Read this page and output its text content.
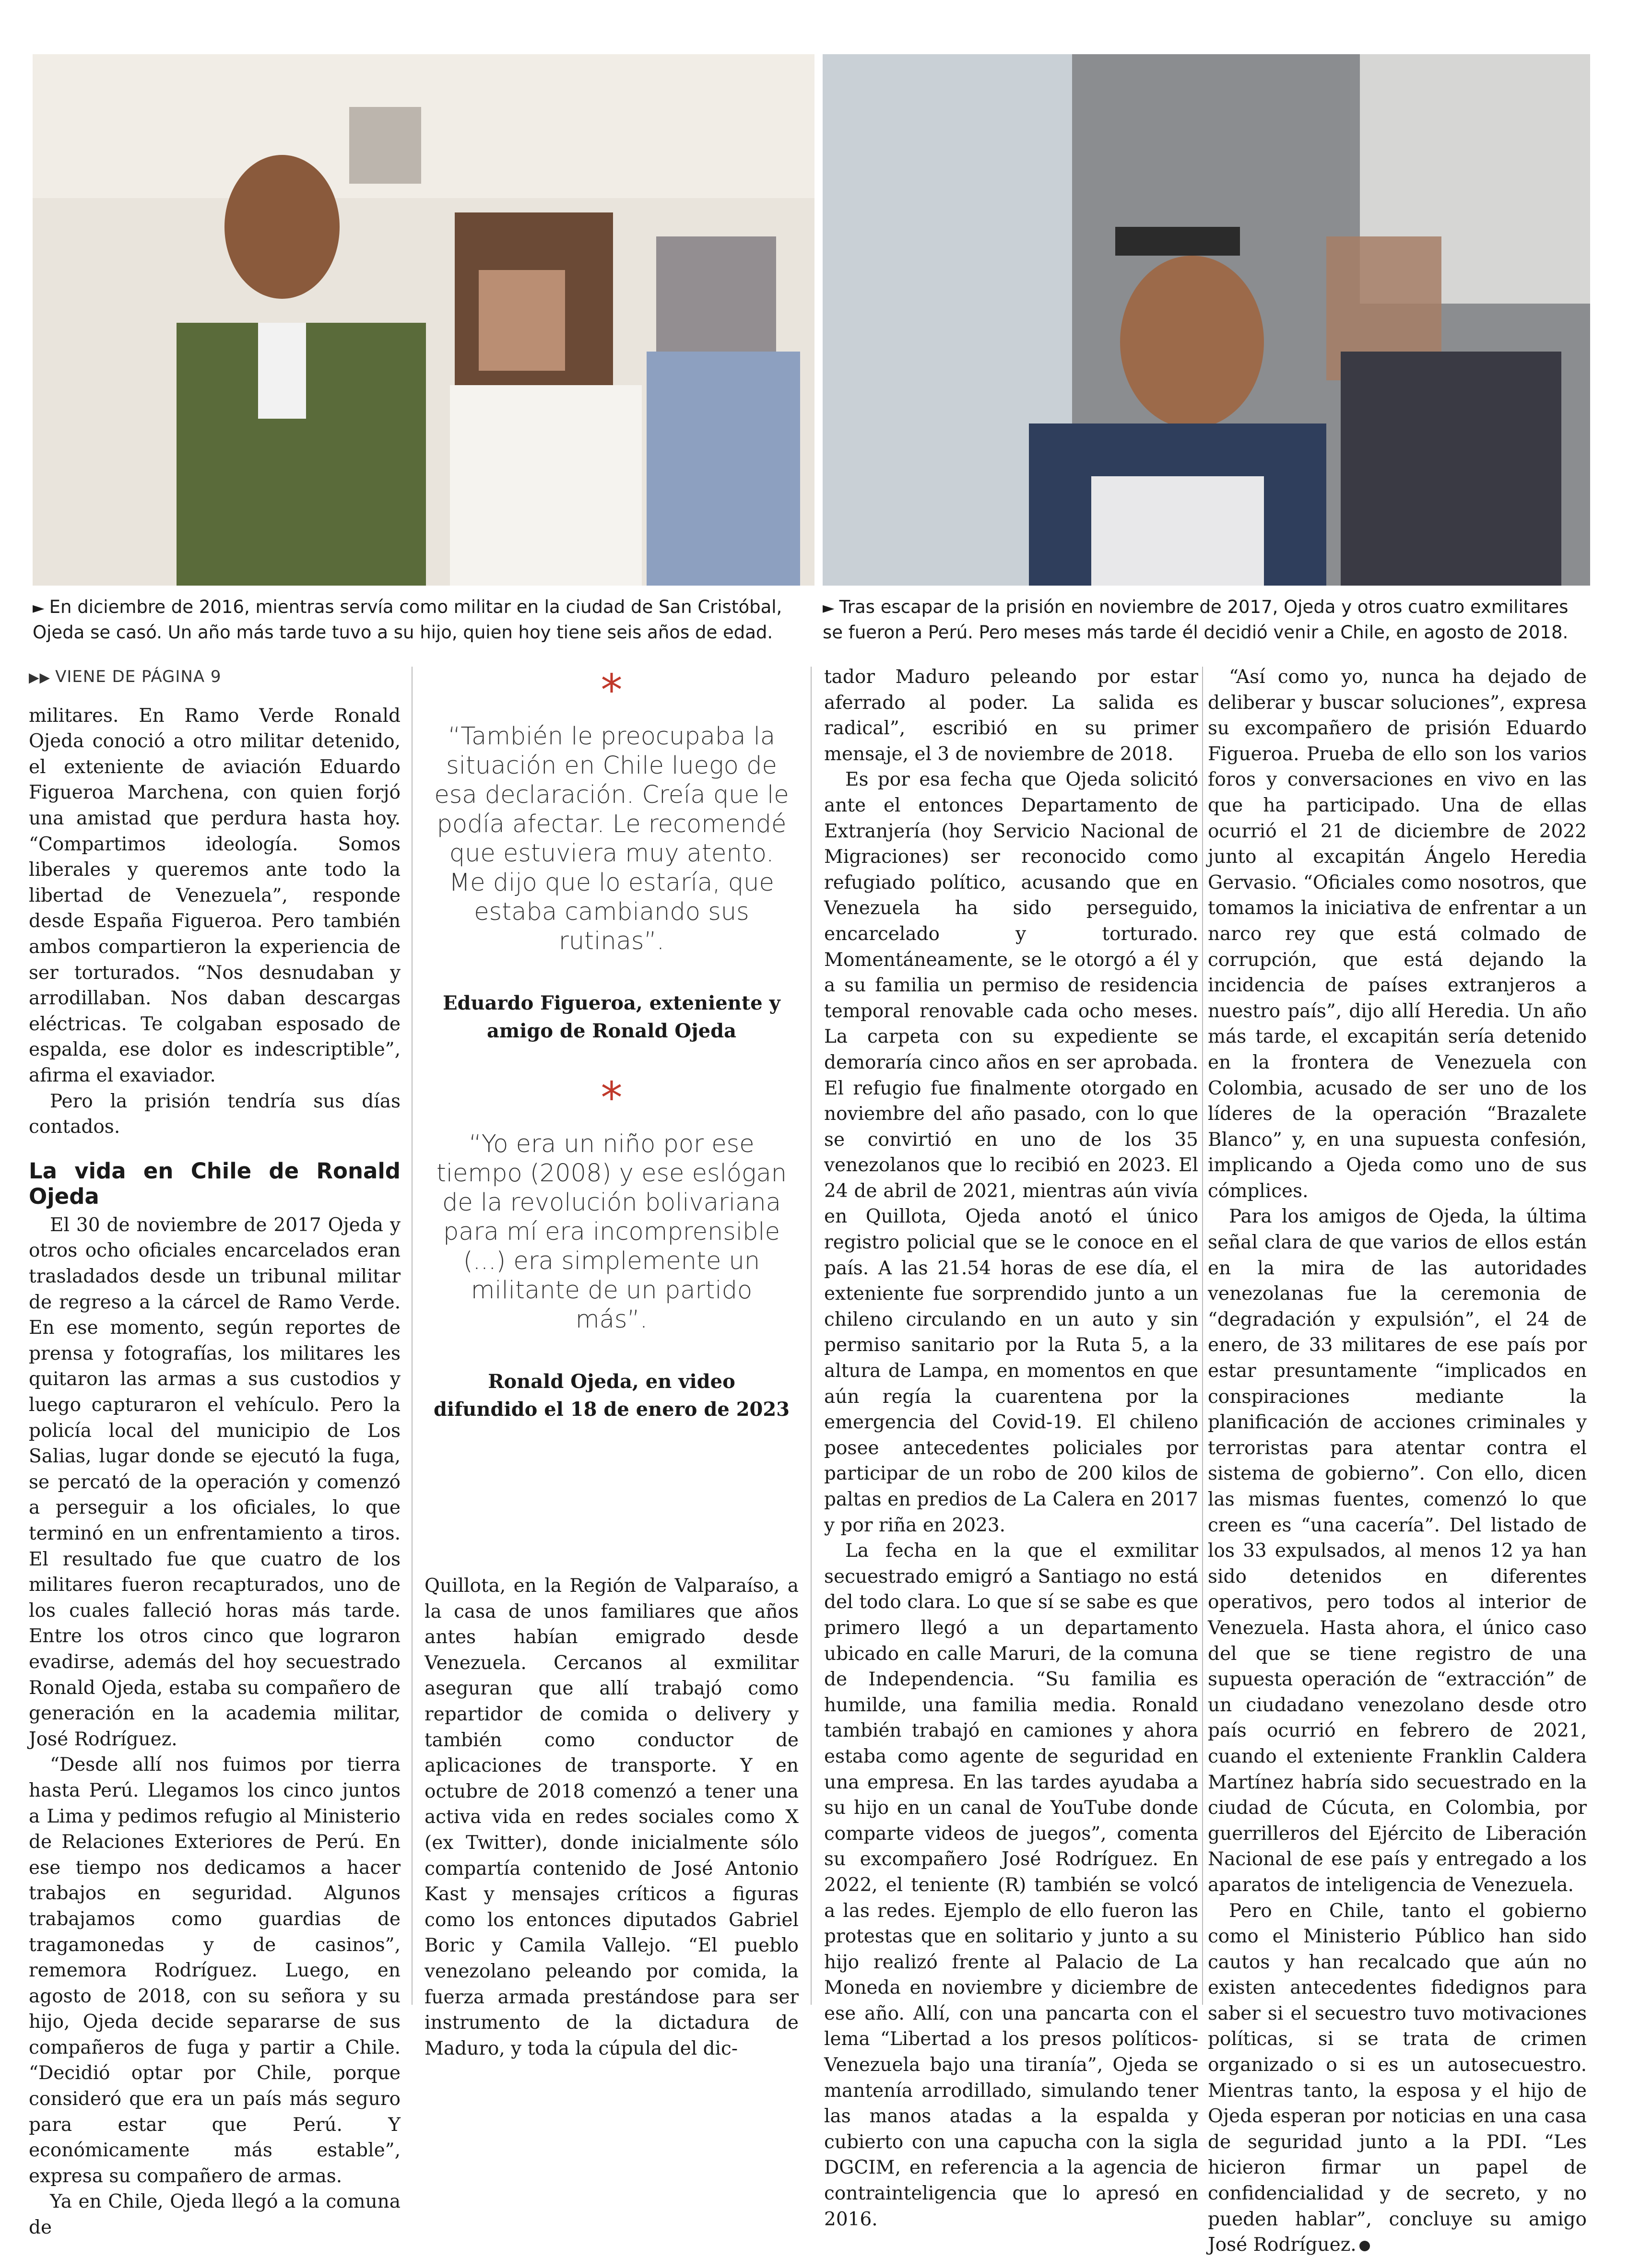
► En diciembre de 2016, mientras servía como militar en la ciudad de San Cristóbal, Ojeda se casó. Un año más tarde tuvo a su hijo, quien hoy tiene seis años de edad.

► Tras escapar de la prisión en noviembre de 2017, Ojeda y otros cuatro exmilitares se fueron a Perú. Pero meses más tarde él decidió venir a Chile, en agosto de 2018.

▶▶ VIENE DE PÁGINA 9

militares. En Ramo Verde Ronald Ojeda conoció a otro militar detenido, el exteniente de aviación Eduardo Figueroa Marchena, con quien forjó una amistad que perdura hasta hoy. “Compartimos ideología. Somos liberales y queremos ante todo la libertad de Venezuela”, responde desde España Figueroa. Pero también ambos compartieron la experiencia de ser torturados. “Nos desnudaban y arrodillaban. Nos daban descargas eléctricas. Te colgaban esposado de espalda, ese dolor es indescriptible”, afirma el exaviador.

Pero la prisión tendría sus días contados.

La vida en Chile de Ronald Ojeda

El 30 de noviembre de 2017 Ojeda y otros ocho oficiales encarcelados eran trasladados desde un tribunal militar de regreso a la cárcel de Ramo Verde. En ese momento, según reportes de prensa y fotografías, los militares les quitaron las armas a sus custodios y luego capturaron el vehículo. Pero la policía local del municipio de Los Salias, lugar donde se ejecutó la fuga, se percató de la operación y comenzó a perseguir a los oficiales, lo que terminó en un enfrentamiento a tiros. El resultado fue que cuatro de los militares fueron recapturados, uno de los cuales falleció horas más tarde. Entre los otros cinco que lograron evadirse, además del hoy secuestrado Ronald Ojeda, estaba su compañero de generación en la academia militar, José Rodríguez.

“Desde allí nos fuimos por tierra hasta Perú. Llegamos los cinco juntos a Lima y pedimos refugio al Ministerio de Relaciones Exteriores de Perú. En ese tiempo nos dedicamos a hacer trabajos en seguridad. Algunos trabajamos como guardias de tragamonedas y de casinos”, rememora Rodríguez. Luego, en agosto de 2018, con su señora y su hijo, Ojeda decide separarse de sus compañeros de fuga y partir a Chile. “Decidió optar por Chile, porque consideró que era un país más seguro para estar que Perú. Y económicamente más estable”, expresa su compañero de armas.

Ya en Chile, Ojeda llegó a la comuna de

*
“También le preocupaba la situación en Chile luego de esa declaración. Creía que le podía afectar. Le recomendé que estuviera muy atento. Me dijo que lo estaría, que estaba cambiando sus rutinas”.
Eduardo Figueroa, exteniente y
amigo de Ronald Ojeda
*
“Yo era un niño por ese tiempo (2008) y ese eslógan de la revolución bolivariana para mí era incomprensible (...) era simplemente un militante de un partido más”.
Ronald Ojeda, en video
difundido el 18 de enero de 2023

Quillota, en la Región de Valparaíso, a la casa de unos familiares que años antes habían emigrado desde Venezuela. Cercanos al exmilitar aseguran que allí trabajó como repartidor de comida o delivery y también como conductor de aplicaciones de transporte. Y en octubre de 2018 comenzó a tener una activa vida en redes sociales como X (ex Twitter), donde inicialmente sólo compartía contenido de José Antonio Kast y mensajes críticos a figuras como los entonces diputados Gabriel Boric y Camila Vallejo. “El pueblo venezolano peleando por comida, la fuerza armada prestándose para ser instrumento de la dictadura de Maduro, y toda la cúpula del dic-

tador Maduro peleando por estar aferrado al poder. La salida es radical”, escribió en su primer mensaje, el 3 de noviembre de 2018.

Es por esa fecha que Ojeda solicitó ante el entonces Departamento de Extranjería (hoy Servicio Nacional de Migraciones) ser reconocido como refugiado político, acusando que en Venezuela ha sido perseguido, encarcelado y torturado. Momentáneamente, se le otorgó a él y a su familia un permiso de residencia temporal renovable cada ocho meses. La carpeta con su expediente se demoraría cinco años en ser aprobada. El refugio fue finalmente otorgado en noviembre del año pasado, con lo que se convirtió en uno de los 35 venezolanos que lo recibió en 2023. El 24 de abril de 2021, mientras aún vivía en Quillota, Ojeda anotó el único registro policial que se le conoce en el país. A las 21.54 horas de ese día, el exteniente fue sorprendido junto a un chileno circulando en un auto y sin permiso sanitario por la Ruta 5, a la altura de Lampa, en momentos en que aún regía la cuarentena por la emergencia del Covid-19. El chileno posee antecedentes policiales por participar de un robo de 200 kilos de paltas en predios de La Calera en 2017 y por riña en 2023.

La fecha en la que el exmilitar secuestrado emigró a Santiago no está del todo clara. Lo que sí se sabe es que primero llegó a un departamento ubicado en calle Maruri, de la comuna de Independencia. “Su familia es humilde, una familia media. Ronald también trabajó en camiones y ahora estaba como agente de seguridad en una empresa. En las tardes ayudaba a su hijo en un canal de YouTube donde comparte videos de juegos”, comenta su excompañero José Rodríguez. En 2022, el teniente (R) también se volcó a las redes. Ejemplo de ello fueron las protestas que en solitario y junto a su hijo realizó frente al Palacio de La Moneda en noviembre y diciembre de ese año. Allí, con una pancarta con el lema “Libertad a los presos políticos- Venezuela bajo una tiranía”, Ojeda se mantenía arrodillado, simulando tener las manos atadas a la espalda y cubierto con una capucha con la sigla DGCIM, en referencia a la agencia de contrainteligencia que lo apresó en 2016.

“Así como yo, nunca ha dejado de deliberar y buscar soluciones”, expresa su excompañero de prisión Eduardo Figueroa. Prueba de ello son los varios foros y conversaciones en vivo en las que ha participado. Una de ellas ocurrió el 21 de diciembre de 2022 junto al excapitán Ángelo Heredia Gervasio. “Oficiales como nosotros, que tomamos la iniciativa de enfrentar a un narco rey que está colmado de corrupción, que está dejando la incidencia de países extranjeros a nuestro país”, dijo allí Heredia. Un año más tarde, el excapitán sería detenido en la frontera de Venezuela con Colombia, acusado de ser uno de los líderes de la operación “Brazalete Blanco” y, en una supuesta confesión, implicando a Ojeda como uno de sus cómplices.

Para los amigos de Ojeda, la última señal clara de que varios de ellos están en la mira de las autoridades venezolanas fue la ceremonia de “degradación y expulsión”, el 24 de enero, de 33 militares de ese país por estar presuntamente “implicados en conspiraciones mediante la planificación de acciones criminales y terroristas para atentar contra el sistema de gobierno”. Con ello, dicen las mismas fuentes, comenzó lo que creen es “una cacería”. Del listado de los 33 expulsados, al menos 12 ya han sido detenidos en diferentes operativos, pero todos al interior de Venezuela. Hasta ahora, el único caso del que se tiene registro de una supuesta operación de “extracción” de un ciudadano venezolano desde otro país ocurrió en febrero de 2021, cuando el exteniente Franklin Caldera Martínez habría sido secuestrado en la ciudad de Cúcuta, en Colombia, por guerrilleros del Ejército de Liberación Nacional de ese país y entregado a los aparatos de inteligencia de Venezuela.

Pero en Chile, tanto el gobierno como el Ministerio Público han sido cautos y han recalcado que aún no existen antecedentes fidedignos para saber si el secuestro tuvo motivaciones políticas, si se trata de crimen organizado o si es un autosecuestro. Mientras tanto, la esposa y el hijo de Ojeda esperan por noticias en una casa de seguridad junto a la PDI. “Les hicieron firmar un papel de confidencialidad y de secreto, y no pueden hablar”, concluye su amigo José Rodríguez.
